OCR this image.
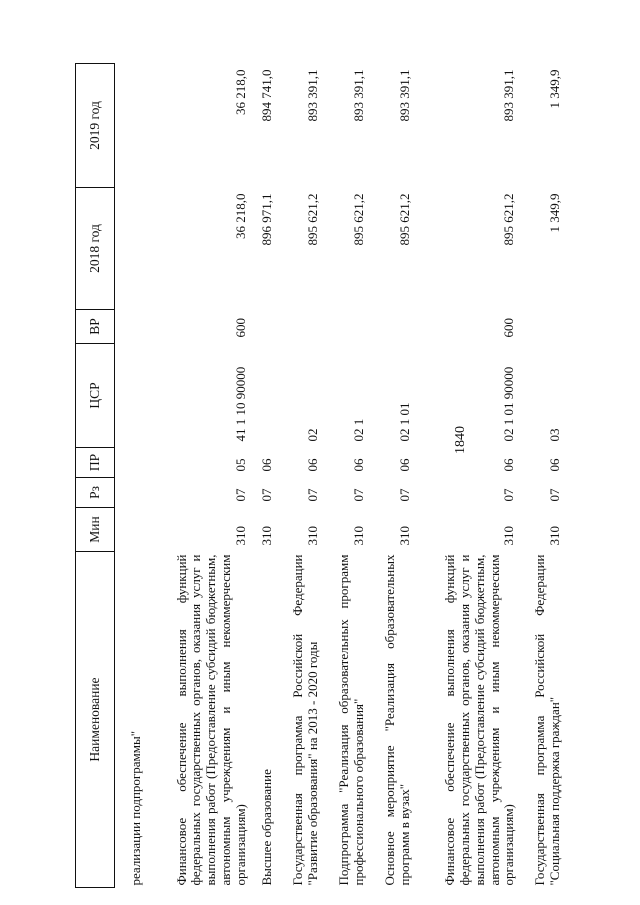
1840
Наименование	Мин	Рз	ПР	ЦСР	ВР	2018 год	2019 год
реализации подпрограммы"							
Финансовое обеспечение выполнения функций федеральных государственных органов, оказания услуг и выполнения работ (Предоставление субсидий бюджетным, автономным учреждениям и иным некоммерческим организациям)	310	07	05	41 1 10 90000	600	36 218,0	36 218,0
Высшее образование	310	07	06			896 971,1	894 741,0
Государственная программа Российской Федерации "Развитие образования" на 2013 - 2020 годы	310	07	06	02		895 621,2	893 391,1
Подпрограмма "Реализация образовательных программ профессионального образования"	310	07	06	02 1		895 621,2	893 391,1
Основное мероприятие "Реализация образовательных программ в вузах"	310	07	06	02 1 01		895 621,2	893 391,1
Финансовое обеспечение выполнения функций федеральных государственных органов, оказания услуг и выполнения работ (Предоставление субсидий бюджетным, автономным учреждениям и иным некоммерческим организациям)	310	07	06	02 1 01 90000	600	895 621,2	893 391,1
Государственная программа Российской Федерации "Социальная поддержка граждан"	310	07	06	03		1 349,9	1 349,9
